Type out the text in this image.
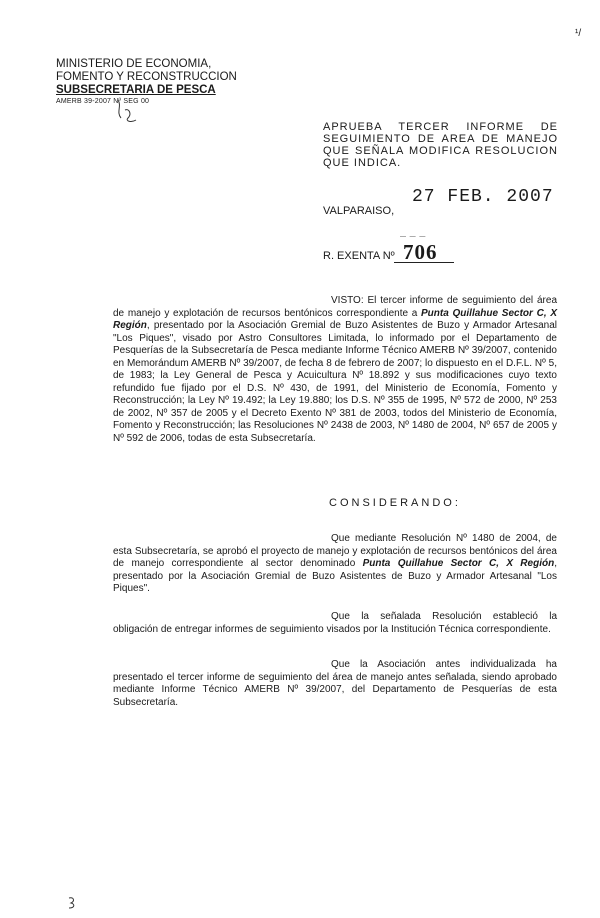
¹/
MINISTERIO DE ECONOMIA,
FOMENTO Y RECONSTRUCCION
SUBSECRETARIA DE PESCA
AMERB 39-2007 Nº SEG 00
APRUEBA TERCER INFORME DE SEGUIMIENTO DE AREA DE MANEJO QUE SEÑALA MODIFICA RESOLUCION QUE INDICA.
27 FEB. 2007
VALPARAISO,
— — —
R. EXENTA Nº 706
VISTO: El tercer informe de seguimiento del área de manejo y explotación de recursos bentónicos correspondiente a Punta Quillahue Sector C, X Región, presentado por la Asociación Gremial de Buzo Asistentes de Buzo y Armador Artesanal "Los Piques", visado por Astro Consultores Limitada, lo informado por el Departamento de Pesquerías de la Subsecretaría de Pesca mediante Informe Técnico AMERB Nº 39/2007, contenido en Memorándum AMERB Nº 39/2007, de fecha 8 de febrero de 2007; lo dispuesto en el D.F.L. Nº 5, de 1983; la Ley General de Pesca y Acuicultura Nº 18.892 y sus modificaciones cuyo texto refundido fue fijado por el D.S. Nº 430, de 1991, del Ministerio de Economía, Fomento y Reconstrucción; la Ley Nº 19.492; la Ley 19.880; los D.S. Nº 355 de 1995, Nº 572 de 2000, Nº 253 de 2002, Nº 357 de 2005 y el Decreto Exento Nº 381 de 2003, todos del Ministerio de Economía, Fomento y Reconstrucción; las Resoluciones Nº 2438 de 2003, Nº 1480 de 2004, Nº 657 de 2005 y Nº 592 de 2006, todas de esta Subsecretaría.
CONSIDERANDO:
Que mediante Resolución Nº 1480 de 2004, de esta Subsecretaría, se aprobó el proyecto de manejo y explotación de recursos bentónicos del área de manejo correspondiente al sector denominado Punta Quillahue Sector C, X Región, presentado por la Asociación Gremial de Buzo Asistentes de Buzo y Armador Artesanal "Los Piques".
Que la señalada Resolución estableció la obligación de entregar informes de seguimiento visados por la Institución Técnica correspondiente.
Que la Asociación antes individualizada ha presentado el tercer informe de seguimiento del área de manejo antes señalada, siendo aprobado mediante Informe Técnico AMERB Nº 39/2007, del Departamento de Pesquerías de esta Subsecretaría.
